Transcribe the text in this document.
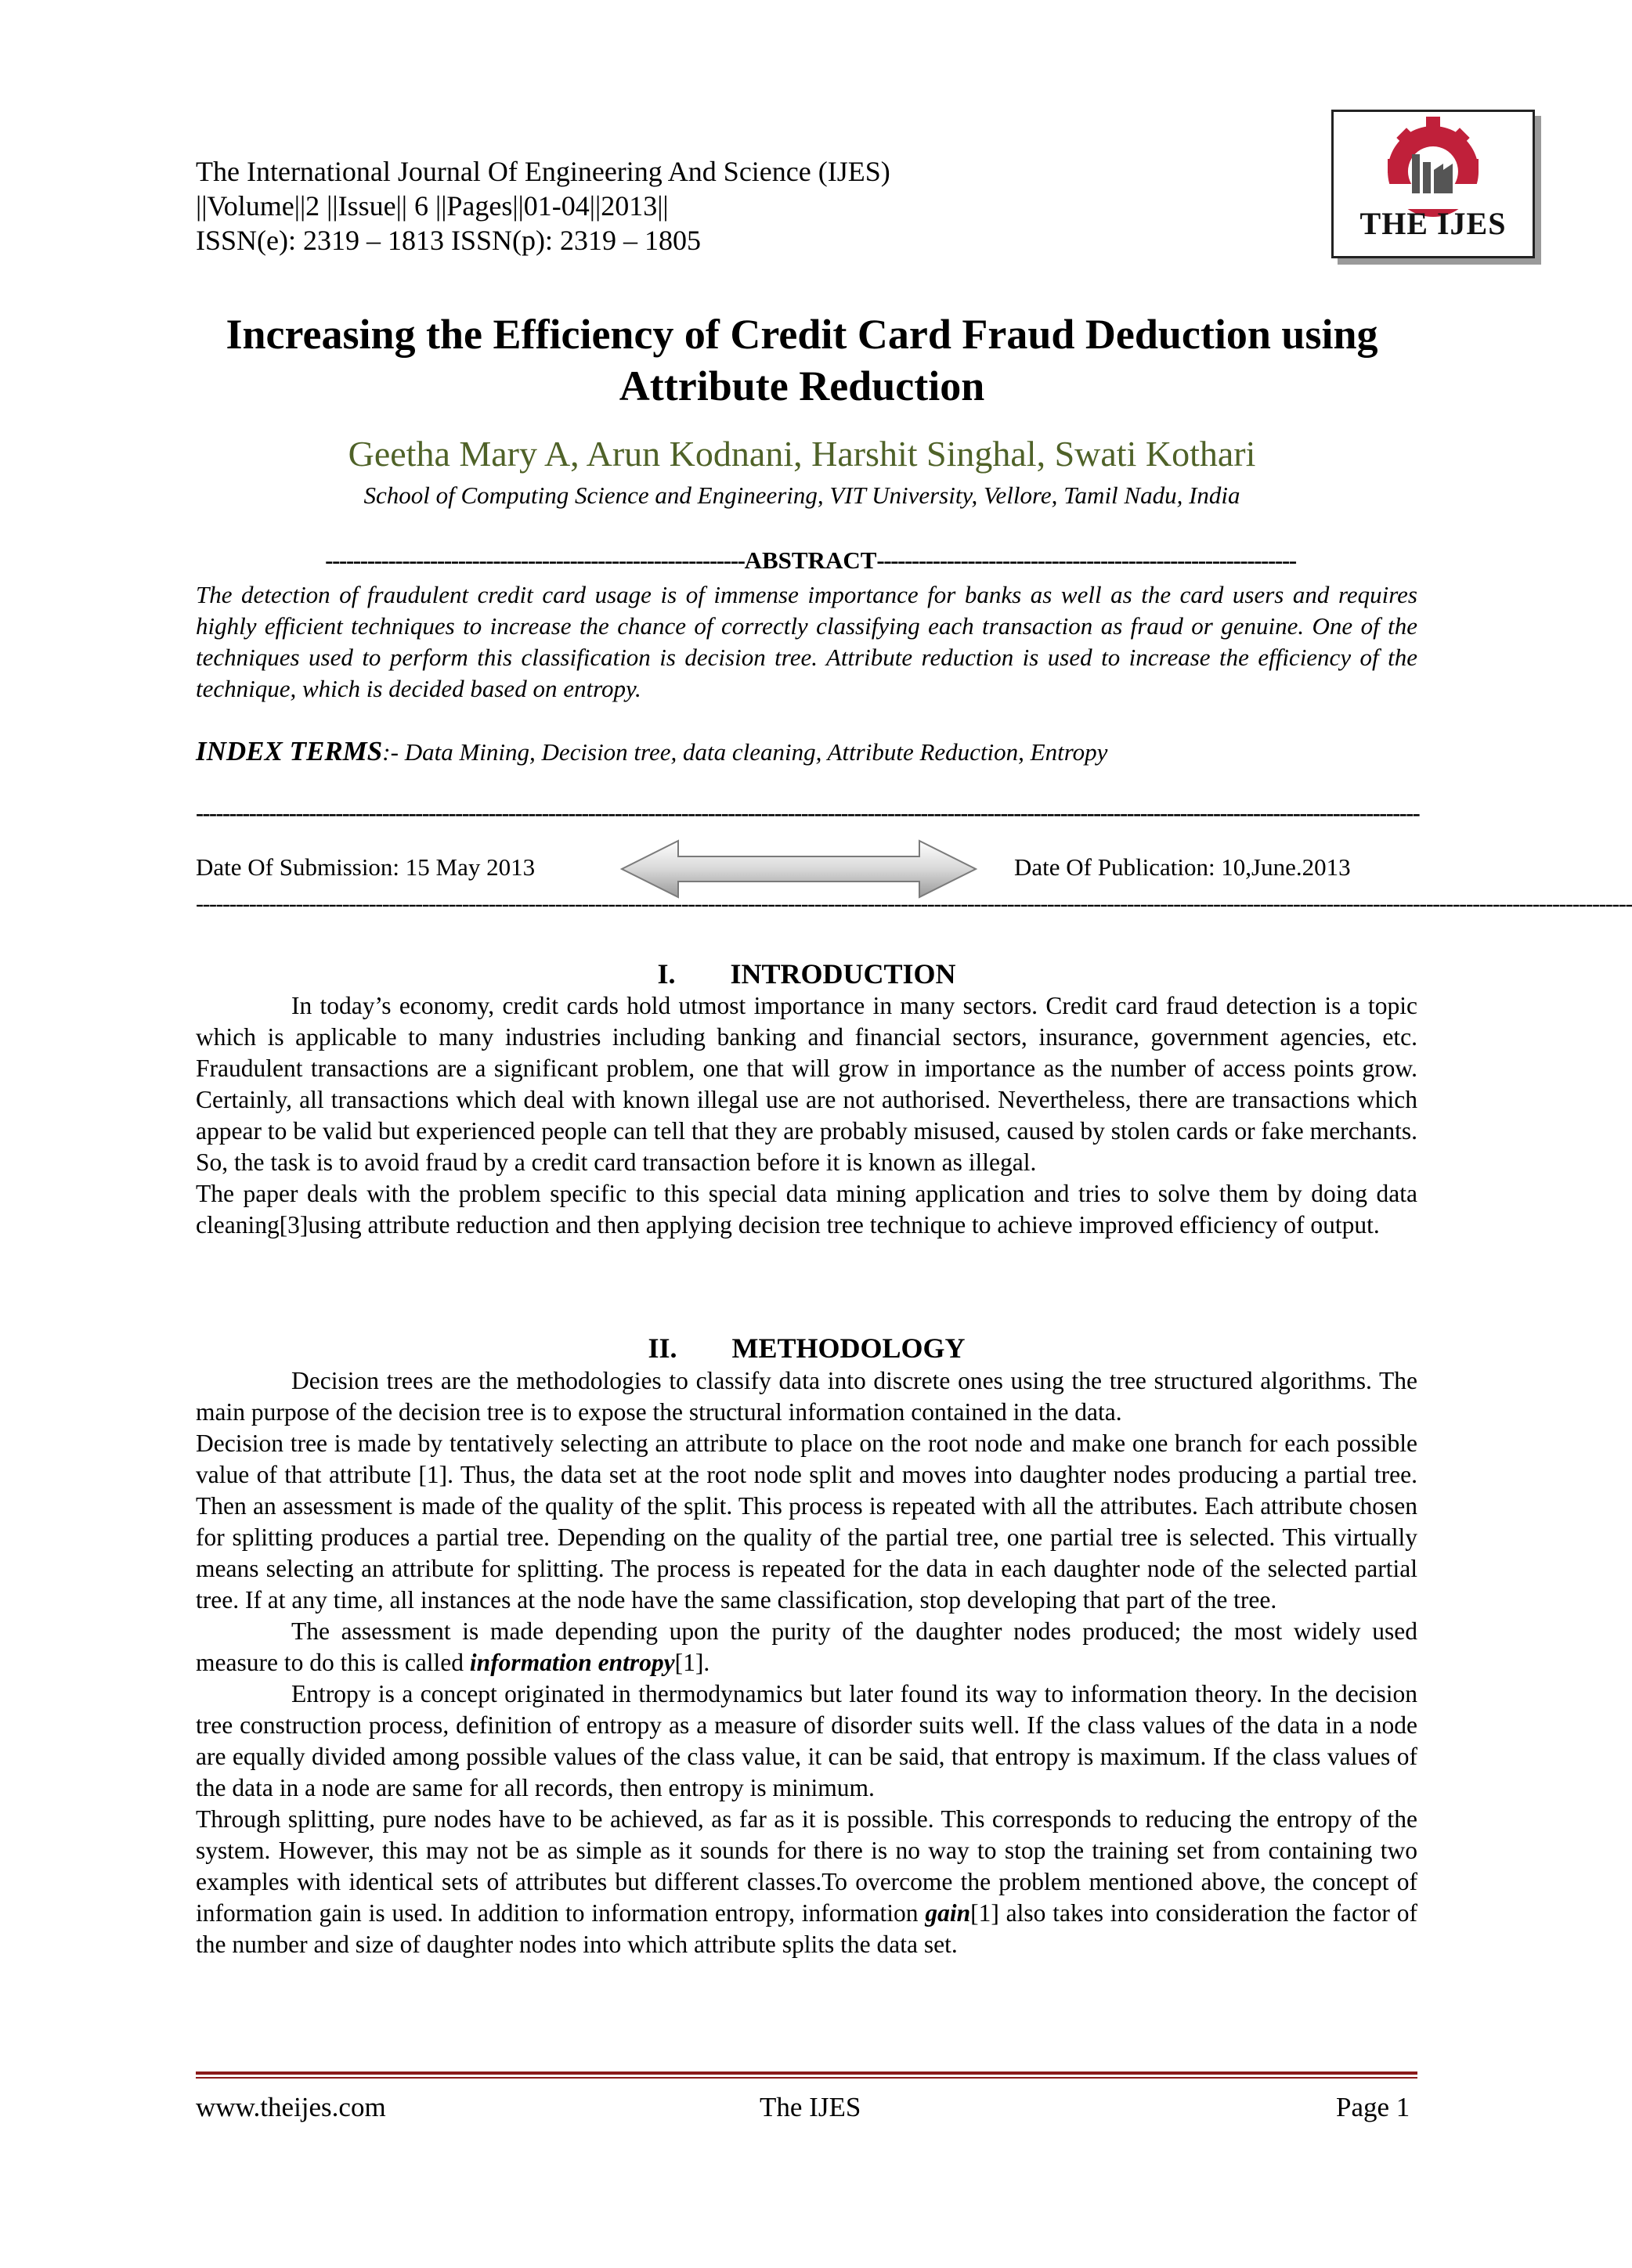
The International Journal Of Engineering And Science (IJES)
||Volume||2 ||Issue|| 6 ||Pages||01-04||2013||
ISSN(e): 2319 – 1813 ISSN(p): 2319 – 1805	THE IJES
Increasing the Efficiency of Credit Card Fraud Deduction using
Attribute Reduction
Geetha Mary A, Arun Kodnani, Harshit Singhal, Swati Kothari
School of Computing Science and Engineering, VIT University, Vellore, Tamil Nadu, India
------------------------------------------------------------ABSTRACT------------------------------------------------------------
The detection of fraudulent credit card usage is of immense importance for banks as well as the card users and requires highly efficient techniques to increase the chance of correctly classifying each transaction as fraud or genuine. One of the techniques used to perform this classification is decision tree. Attribute reduction is used to increase the efficiency of the technique, which is decided based on entropy.
INDEX TERMS:- Data Mining, Decision tree, data cleaning, Attribute Reduction, Entropy
----------------------------------------------------------------------------------------------------------------------------------------------------------------------------------------
Date Of Submission: 15 May 2013	Date Of Publication: 10,June.2013
------------------------------------------------------------------------------------------------------------------------------------------------------------------------------------------------------------------------
I. INTRODUCTION

In today’s economy, credit cards hold utmost importance in many sectors. Credit card fraud detection is a topic which is applicable to many industries including banking and financial sectors, insurance, government agencies, etc. Fraudulent transactions are a significant problem, one that will grow in importance as the number of access points grow. Certainly, all transactions which deal with known illegal use are not authorised. Nevertheless, there are transactions which appear to be valid but experienced people can tell that they are probably misused, caused by stolen cards or fake merchants. So, the task is to avoid fraud by a credit card transaction before it is known as illegal.

The paper deals with the problem specific to this special data mining application and tries to solve them by doing data cleaning[3]using attribute reduction and then applying decision tree technique to achieve improved efficiency of output.

II. METHODOLOGY

Decision trees are the methodologies to classify data into discrete ones using the tree structured algorithms. The main purpose of the decision tree is to expose the structural information contained in the data.

Decision tree is made by tentatively selecting an attribute to place on the root node and make one branch for each possible value of that attribute [1]. Thus, the data set at the root node split and moves into daughter nodes producing a partial tree. Then an assessment is made of the quality of the split. This process is repeated with all the attributes. Each attribute chosen for splitting produces a partial tree. Depending on the quality of the partial tree, one partial tree is selected. This virtually means selecting an attribute for splitting. The process is repeated for the data in each daughter node of the selected partial tree. If at any time, all instances at the node have the same classification, stop developing that part of the tree.

The assessment is made depending upon the purity of the daughter nodes produced; the most widely used measure to do this is called information entropy[1].

Entropy is a concept originated in thermodynamics but later found its way to information theory. In the decision tree construction process, definition of entropy as a measure of disorder suits well. If the class values of the data in a node are equally divided among possible values of the class value, it can be said, that entropy is maximum. If the class values of the data in a node are same for all records, then entropy is minimum.

Through splitting, pure nodes have to be achieved, as far as it is possible. This corresponds to reducing the entropy of the system. However, this may not be as simple as it sounds for there is no way to stop the training set from containing two examples with identical sets of attributes but different classes.To overcome the problem mentioned above, the concept of information gain is used. In addition to information entropy, information gain[1] also takes into consideration the factor of the number and size of daughter nodes into which attribute splits the data set.

www.theijes.com	The IJES	Page 1
